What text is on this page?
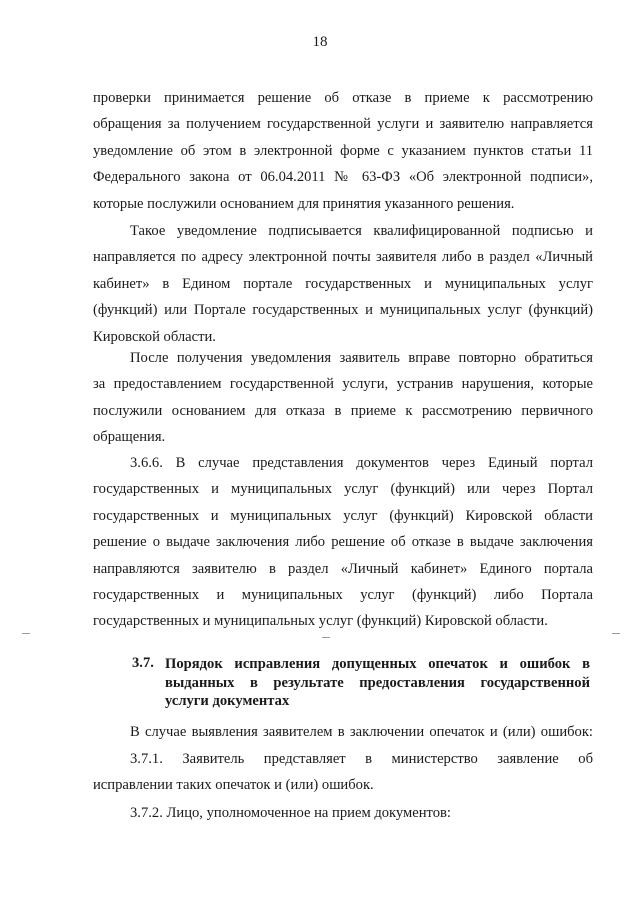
18
проверки принимается решение об отказе в приеме к рассмотрению
обращения за получением государственной услуги и заявителю направляется
уведомление об этом в электронной форме с указанием пунктов статьи 11
Федерального закона от 06.04.2011 № 63-ФЗ «Об электронной подписи»,
которые послужили основанием для принятия указанного решения.
Такое уведомление подписывается квалифицированной подписью и
направляется по адресу электронной почты заявителя либо в раздел «Личный
кабинет» в Едином портале государственных и муниципальных услуг
(функций) или Портале государственных и муниципальных услуг (функций)
Кировской области.
После получения уведомления заявитель вправе повторно обратиться
за предоставлением государственной услуги, устранив нарушения, которые
послужили основанием для отказа в приеме к рассмотрению первичного
обращения.
3.6.6. В случае представления документов через Единый портал
государственных и муниципальных услуг (функций) или через Портал
государственных и муниципальных услуг (функций) Кировской области
решение о выдаче заключения либо решение об отказе в выдаче заключения
направляются заявителю в раздел «Личный кабинет» Единого портала
государственных и муниципальных услуг (функций) либо Портала
государственных и муниципальных услуг (функций) Кировской области.
3.7. Порядок исправления допущенных опечаток и ошибок в
выданных в результате предоставления государственной
услуги документах
В случае выявления заявителем в заключении опечаток и (или) ошибок:
3.7.1. Заявитель представляет в министерство заявление об
исправлении таких опечаток и (или) ошибок.
3.7.2. Лицо, уполномоченное на прием документов:
